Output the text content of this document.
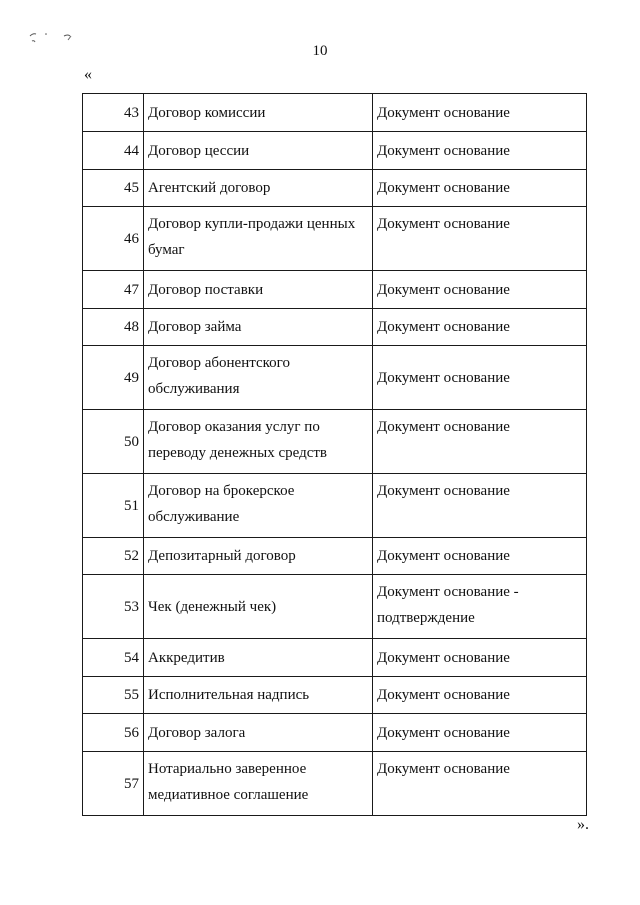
10
«
43	Договор комиссии	Документ основание
44	Договор цессии	Документ основание
45	Агентский договор	Документ основание
46	Договор купли-продажи ценных бумаг	Документ основание
47	Договор поставки	Документ основание
48	Договор займа	Документ основание
49	Договор абонентского обслуживания	Документ основание
50	Договор оказания услуг по переводу денежных средств	Документ основание
51	Договор на брокерское обслуживание	Документ основание
52	Депозитарный договор	Документ основание
53	Чек (денежный чек)	Документ основание - подтверждение
54	Аккредитив	Документ основание
55	Исполнительная надпись	Документ основание
56	Договор залога	Документ основание
57	Нотариально заверенное медиативное соглашение	Документ основание
».
